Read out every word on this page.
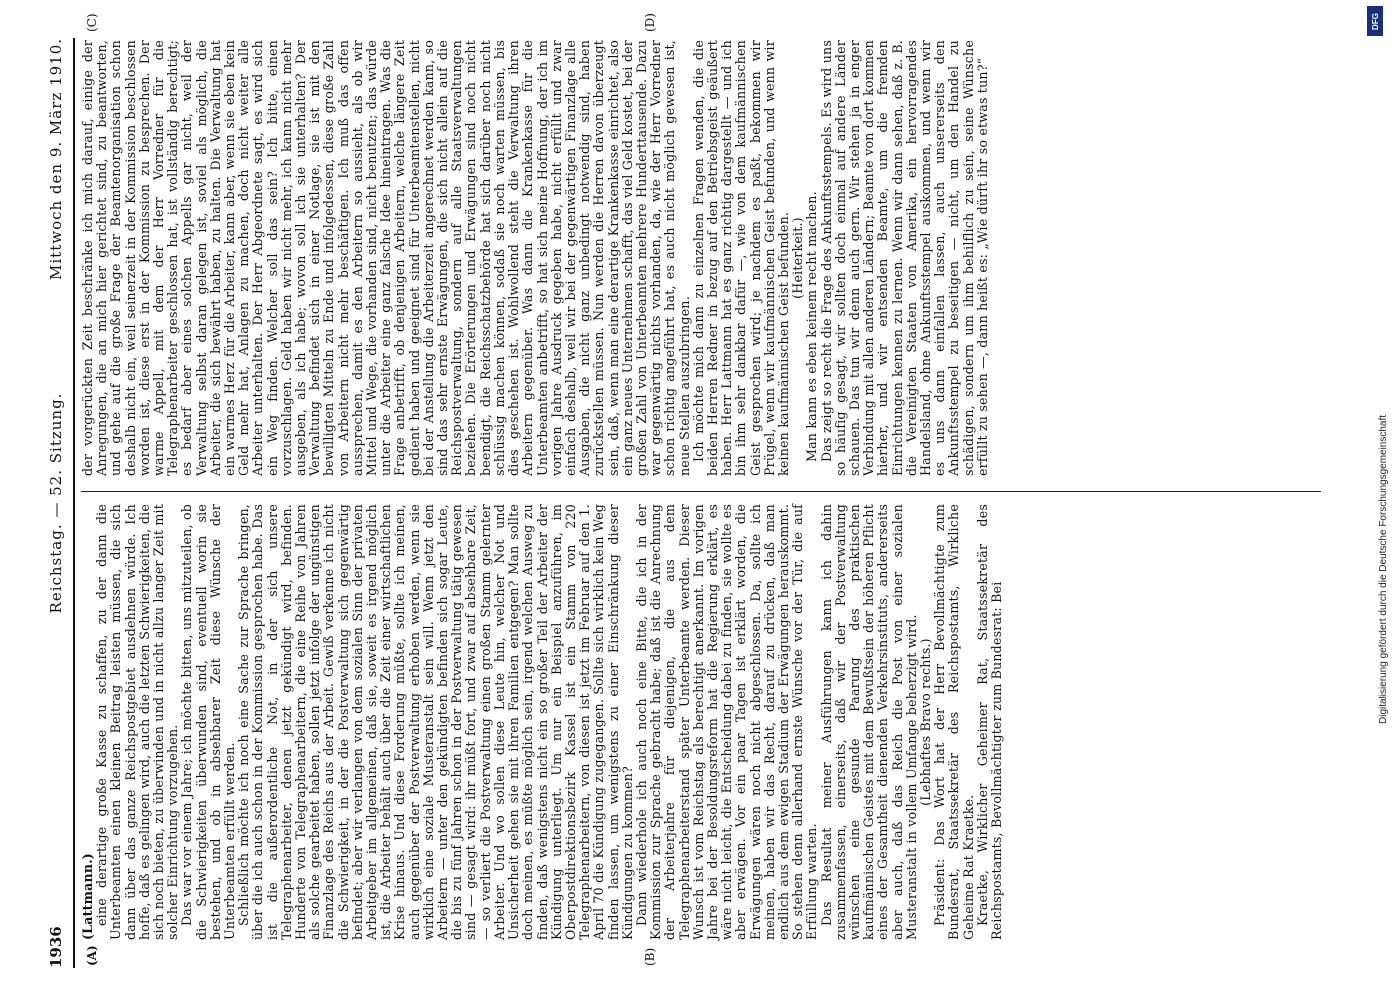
1936
Reichstag. — 52. Sitzung.
Mittwoch den 9. März 1910.
(A)	(B)
(C)	(D)

(Lattmann.) eine derartige große Kasse zu schaffen, zu der dann die Unterbeamten einen kleinen Beitrag leisten müssen, die sich dann über das ganze Reichspostgebiet ausdehnen würde. Ich hoffe, daß es gelingen wird, auch die letzten Schwierigkeiten, die sich noch bieten, zu überwinden und in nicht allzu langer Zeit mit solcher Einrichtung vorzugehen. Das war vor einem Jahre; ich möchte bitten, uns mitzuteilen, ob die Schwierigkeiten überwunden sind, eventuell worin sie bestehen, und ob in absehbarer Zeit diese Wünsche der Unterbeamten erfüllt werden. Schließlich möchte ich noch eine Sache zur Sprache bringen, über die ich auch schon in der Kommission gesprochen habe. Das ist die außerordentliche Not, in der sich unsere Telegraphenarbeiter, denen jetzt gekündigt wird, befinden. Hunderte von Telegraphenarbeitern, die eine Reihe von Jahren als solche gearbeitet haben, sollen jetzt infolge der ungünstigen Finanzlage des Reichs aus der Arbeit. Gewiß verkenne ich nicht die Schwierigkeit, in der die Postverwaltung sich gegenwärtig befindet; aber wir verlangen von dem sozialen Sinn der privaten Arbeitgeber im allgemeinen, daß sie, soweit es irgend möglich ist, die Arbeiter behält auch über die Zeit einer wirtschaftlichen Krise hinaus. Und diese Forderung müßte, sollte ich meinen, auch gegenüber der Postverwaltung erhoben werden, wenn sie wirklich eine soziale Musteranstalt sein will. Wenn jetzt den Arbeitern — unter den gekündigten befinden sich sogar Leute, die bis zu fünf Jahren schon in der Postverwaltung tätig gewesen sind — gesagt wird: ihr müßt fort, und zwar auf absehbare Zeit, — so verliert die Postverwaltung einen großen Stamm gelernter Arbeiter. Und wo sollen diese Leute hin, welcher Not und Unsicherheit gehen sie mit ihren Familien entgegen? Man sollte doch meinen, es müßte möglich sein, irgend welchen Ausweg zu finden, daß wenigstens nicht ein so großer Teil der Arbeiter der Kündigung unterliegt. Um nur ein Beispiel anzuführen, im Oberpostdirektionsbezirk Kassel ist ein Stamm von 220 Telegraphenarbeitern, von diesen ist jetzt im Februar auf den 1. April 70 die Kündigung zugegangen. Sollte sich wirklich kein Weg finden lassen, um wenigstens zu einer Einschränkung dieser Kündigungen zu kommen? Dann wiederhole ich auch noch eine Bitte, die ich in der Kommission zur Sprache gebracht habe; daß ist die Anrechnung der Arbeiterjahre für diejenigen, die aus dem Telegraphenarbeiterstand später Unterbeamte werden. Dieser Wunsch ist vom Reichstag als berechtigt anerkannt. Im vorigen Jahre bei der Besoldungsreform hat die Regierung erklärt, es wäre nicht leicht, die Entscheidung dabei zu finden, sie wollte es aber erwägen. Vor ein paar Tagen ist erklärt worden, die Erwägungen wären noch nicht abgeschlossen. Da, sollte ich meinen, haben wir das Recht, darauf zu drücken, daß man endlich aus dem ewigen Stadium der Erwägungen herauskommt. So stehen denn allerhand ernste Wünsche vor der Tür, die auf Erfüllung warten. Das Resultat meiner Ausführungen kann ich dahin zusammenfassen, einerseits, daß wir der Postverwaltung wünschen eine gesunde Paarung des praktischen kaufmännischen Geistes mit dem Bewußtsein der höheren Pflicht eines der Gesamtheit dienenden Verkehrsinstituts, andererseits aber auch, daß das Reich die Post von einer sozialen Musteranstalt in vollem Umfange beherzigt wird. (Lebhaftes Bravo rechts.) Präsident: Das Wort hat der Herr Bevollmächtigte zum Bundesrat, Staatssekretär des Reichspostamts, Wirkliche Geheime Rat Kraetke. Kraetke, Wirklicher Geheimer Rat, Staatssekretär des Reichspostamts, Bevollmächtigter zum Bundesrat: Bei

der vorgerückten Zeit beschränke ich mich darauf, einige der Anregungen, die an mich hier gerichtet sind, zu beantworten, und gehe auf die große Frage der Beamtenorganisation schon deshalb nicht ein, weil seinerzeit in der Kommission beschlossen worden ist, diese erst in der Kommission zu besprechen. Der warme Appell, mit dem der Herr Vorredner für die Telegraphenarbeiter geschlossen hat, ist vollständig berechtigt; es bedarf aber eines solchen Appells gar nicht, weil der Verwaltung selbst daran gelegen ist, soviel als möglich, die Arbeiter, die sich bewährt haben, zu halten. Die Verwaltung hat ein warmes Herz für die Arbeiter, kann aber, wenn sie eben kein Geld mehr hat, Anlagen zu machen, doch nicht weiter alle Arbeiter unterhalten. Der Herr Abgeordnete sagt, es wird sich ein Weg finden. Welcher soll das sein? Ich bitte, einen vorzuschlagen. Geld haben wir nicht mehr, ich kann nicht mehr ausgeben, als ich habe; wovon soll ich sie unterhalten? Der Verwaltung befindet sich in einer Notlage, sie ist mit den bewilligten Mitteln zu Ende und infolgedessen, diese große Zahl von Arbeitern nicht mehr beschäftigen. Ich muß das offen aussprechen, damit es den Arbeitern so aussieht, als ob wir Mittel und Wege, die vorhanden sind, nicht benutzen; das würde unter die Arbeiter eine ganz falsche Idee hineintragen. Was die Frage anbetrifft, ob denjenigen Arbeitern, welche längere Zeit gedient haben und geeignet sind für Unterbeamtenstellen, nicht bei der Anstellung die Arbeiterzeit angerechnet werden kann, so sind das sehr ernste Erwägungen, die sich nicht allein auf die Reichspostverwaltung, sondern auf alle Staatsverwaltungen beziehen. Die Erörterungen und Erwägungen sind noch nicht beendigt, die Reichsschatzbehörde hat sich darüber noch nicht schlüssig machen können, sodaß sie noch warten müssen, bis dies geschehen ist. Wohlwollend steht die Verwaltung ihren Arbeitern gegenüber. Was dann die Krankenkasse für die Unterbeamten anbetrifft, so hat sich meine Hoffnung, der ich im vorigen Jahre Ausdruck gegeben habe, nicht erfüllt und zwar einfach deshalb, weil wir bei der gegenwärtigen Finanzlage alle Ausgaben, die nicht ganz unbedingt notwendig sind, haben zurückstellen müssen. Nun werden die Herren davon überzeugt sein, daß, wenn man eine derartige Krankenkasse einrichtet, also ein ganz neues Unternehmen schafft, das viel Geld kostet, bei der großen Zahl von Unterbeamten mehrere Hunderttausende. Dazu war gegenwärtig nichts vorhanden, da, wie der Herr Vorredner schon richtig angeführt hat, es auch nicht möglich gewesen ist, neue Stellen auszubringen. Ich möchte mich dann zu einzelnen Fragen wenden, die die beiden Herren Redner in bezug auf den Betriebsgeist geäußert haben. Herr Lattmann hat es ganz richtig dargestellt — und ich bin ihm sehr dankbar dafür —, wie von dem kaufmännischen Geist gesprochen wird; je nachdem es paßt, bekommen wir Prügel, wenn wir kaufmännischen Geist befunden, und wenn wir keinen kaufmännischen Geist befunden. (Heiterkeit.) Man kann es eben keinem recht machen. Das zeigt so recht die Frage des Ankunftsstempels. Es wird uns so häufig gesagt, wir sollten doch einmal auf andere Länder schauen. Das tun wir denn auch gern. Wir stehen ja in enger Verbindung mit allen anderen Ländern; Beamte von dort kommen hierher, und wir entsenden Beamte, um die fremden Einrichtungen kennen zu lernen. Wenn wir dann sehen, daß z. B. die Vereinigten Staaten von Amerika, ein hervorragendes Handelsland, ohne Ankunftsstempel auskommen, und wenn wir es uns dann einfallen lassen, auch unsererseits den Ankunftsstempel zu beseitigen — nicht, um den Handel zu schädigen, sondern um ihm behilflich zu sein, seine Wünsche erfüllt zu sehen —, dann heißt es: „Wie dürft ihr so etwas tun?“

DFG
Digitalisierung gefördert durch die Deutsche Forschungsgemeinschaft
